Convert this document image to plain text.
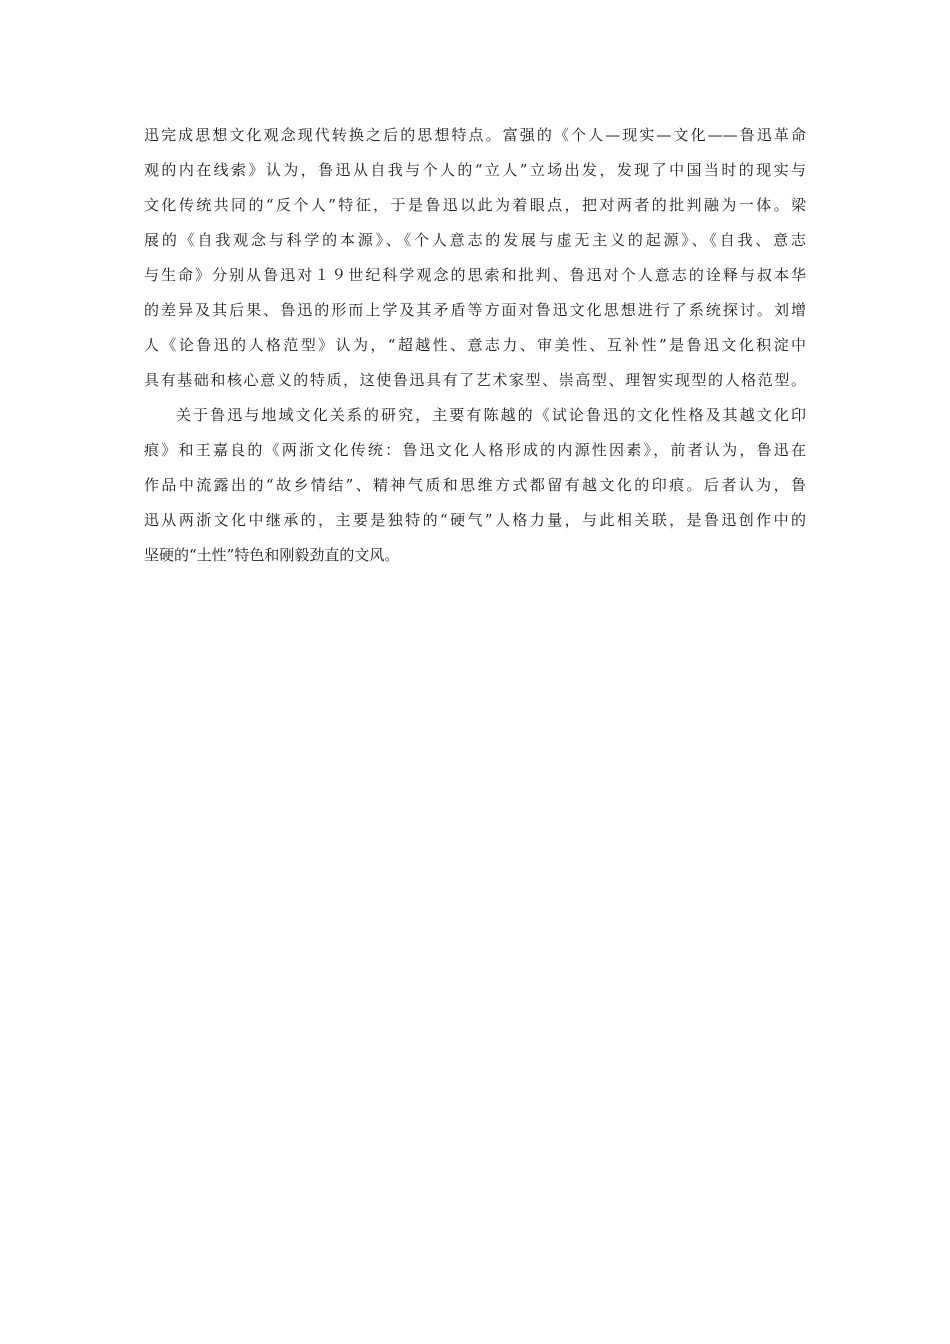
迅完成思想文化观念现代转换之后的思想特点。富强的《个人—现实—文化——鲁迅革命
观的内在线索》认为，鲁迅从自我与个人的“立人”立场出发，发现了中国当时的现实与
文化传统共同的“反个人”特征，于是鲁迅以此为着眼点，把对两者的批判融为一体。梁
展的《自我观念与科学的本源》、《个人意志的发展与虚无主义的起源》、《自我、意志
与生命》分别从鲁迅对１９世纪科学观念的思索和批判、鲁迅对个人意志的诠释与叔本华
的差异及其后果、鲁迅的形而上学及其矛盾等方面对鲁迅文化思想进行了系统探讨。刘增
人《论鲁迅的人格范型》认为，“超越性、意志力、审美性、互补性”是鲁迅文化积淀中
具有基础和核心意义的特质，这使鲁迅具有了艺术家型、崇高型、理智实现型的人格范型。
关于鲁迅与地域文化关系的研究，主要有陈越的《试论鲁迅的文化性格及其越文化印
痕》和王嘉良的《两浙文化传统：鲁迅文化人格形成的内源性因素》，前者认为，鲁迅在
作品中流露出的“故乡情结”、精神气质和思维方式都留有越文化的印痕。后者认为，鲁
迅从两浙文化中继承的，主要是独特的“硬气”人格力量，与此相关联，是鲁迅创作中的
坚硬的“土性”特色和刚毅劲直的文风。
